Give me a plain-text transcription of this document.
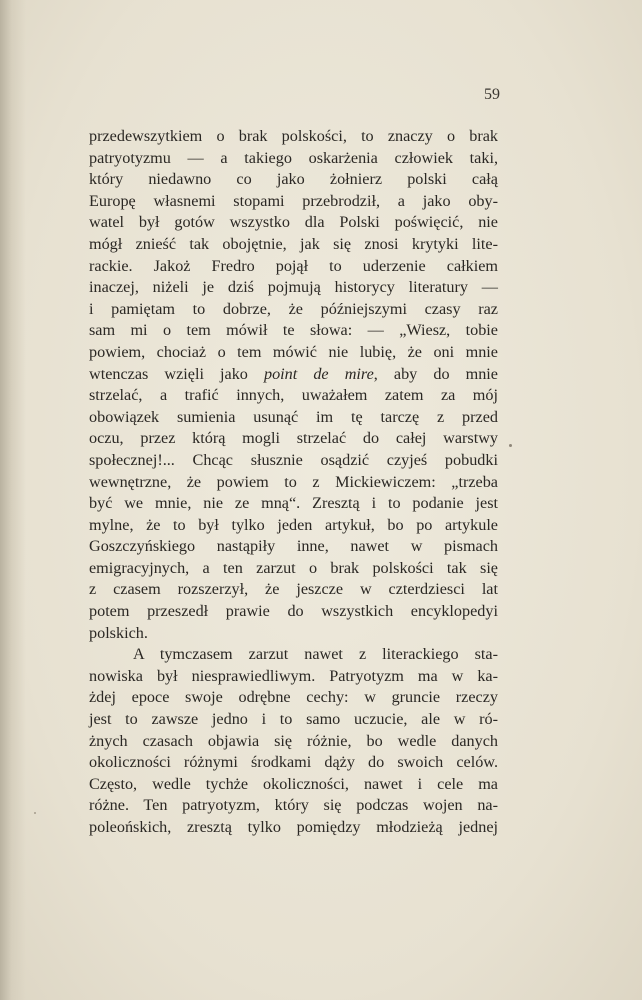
59
przedewszytkiem o brak polskości, to znaczy o brak
patryotyzmu — a takiego oskarżenia człowiek taki,
który niedawno co jako żołnierz polski całą
Europę własnemi stopami przebrodził, a jako oby-
watel był gotów wszystko dla Polski poświęcić, nie
mógł znieść tak obojętnie, jak się znosi krytyki lite-
rackie. Jakoż Fredro pojął to uderzenie całkiem
inaczej, niżeli je dziś pojmują historycy literatury —
i pamiętam to dobrze, że późniejszymi czasy raz
sam mi o tem mówił te słowa: — „Wiesz, tobie
powiem, chociaż o tem mówić nie lubię, że oni mnie
wtenczas wzięli jako point de mire, aby do mnie
strzelać, a trafić innych, uważałem zatem za mój
obowiązek sumienia usunąć im tę tarczę z przed
oczu, przez którą mogli strzelać do całej warstwy
społecznej!... Chcąc słusznie osądzić czyjeś pobudki
wewnętrzne, że powiem to z Mickiewiczem: „trzeba
być we mnie, nie ze mną“. Zresztą i to podanie jest
mylne, że to był tylko jeden artykuł, bo po artykule
Goszczyńskiego nastąpiły inne, nawet w pismach
emigracyjnych, a ten zarzut o brak polskości tak się
z czasem rozszerzył, że jeszcze w czterdziesci lat
potem przeszedł prawie do wszystkich encyklopedyi
polskich.
A tymczasem zarzut nawet z literackiego sta-
nowiska był niesprawiedliwym. Patryotyzm ma w ka-
żdej epoce swoje odrębne cechy: w gruncie rzeczy
jest to zawsze jedno i to samo uczucie, ale w ró-
żnych czasach objawia się różnie, bo wedle danych
okoliczności różnymi środkami dąży do swoich celów.
Często, wedle tychże okoliczności, nawet i cele ma
różne. Ten patryotyzm, który się podczas wojen na-
poleońskich, zresztą tylko pomiędzy młodzieżą jednej
